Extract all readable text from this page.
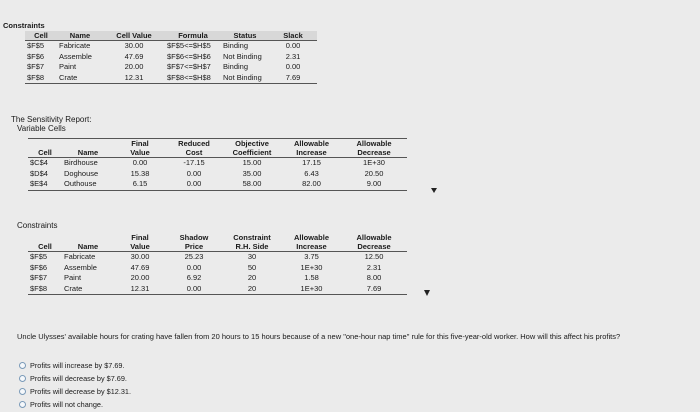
Constraints
Cell	Name	Cell Value	Formula	Status	Slack
$F$5	Fabricate	30.00	$F$5<=$H$5	Binding	0.00
$F$6	Assemble	47.69	$F$6<=$H$6	Not Binding	2.31
$F$7	Paint	20.00	$F$7<=$H$7	Binding	0.00
$F$8	Crate	12.31	$F$8<=$H$8	Not Binding	7.69
The Sensitivity Report:
Variable Cells
		Final	Reduced	Objective	Allowable	Allowable
Cell	Name	Value	Cost	Coefficient	Increase	Decrease
$C$4	Birdhouse	0.00	-17.15	15.00	17.15	1E+30
$D$4	Doghouse	15.38	0.00	35.00	6.43	20.50
$E$4	Outhouse	6.15	0.00	58.00	82.00	9.00
Constraints
		Final	Shadow	Constraint	Allowable	Allowable
Cell	Name	Value	Price	R.H. Side	Increase	Decrease
$F$5	Fabricate	30.00	25.23	30	3.75	12.50
$F$6	Assemble	47.69	0.00	50	1E+30	2.31
$F$7	Paint	20.00	6.92	20	1.58	8.00
$F$8	Crate	12.31	0.00	20	1E+30	7.69
Uncle Ulysses' available hours for crating have fallen from 20 hours to 15 hours because of a new "one-hour nap time" rule for this five-year-old worker. How will this affect his profits?
Profits will increase by $7.69.
Profits will decrease by $7.69.
Profits will decrease by $12.31.
Profits will not change.
